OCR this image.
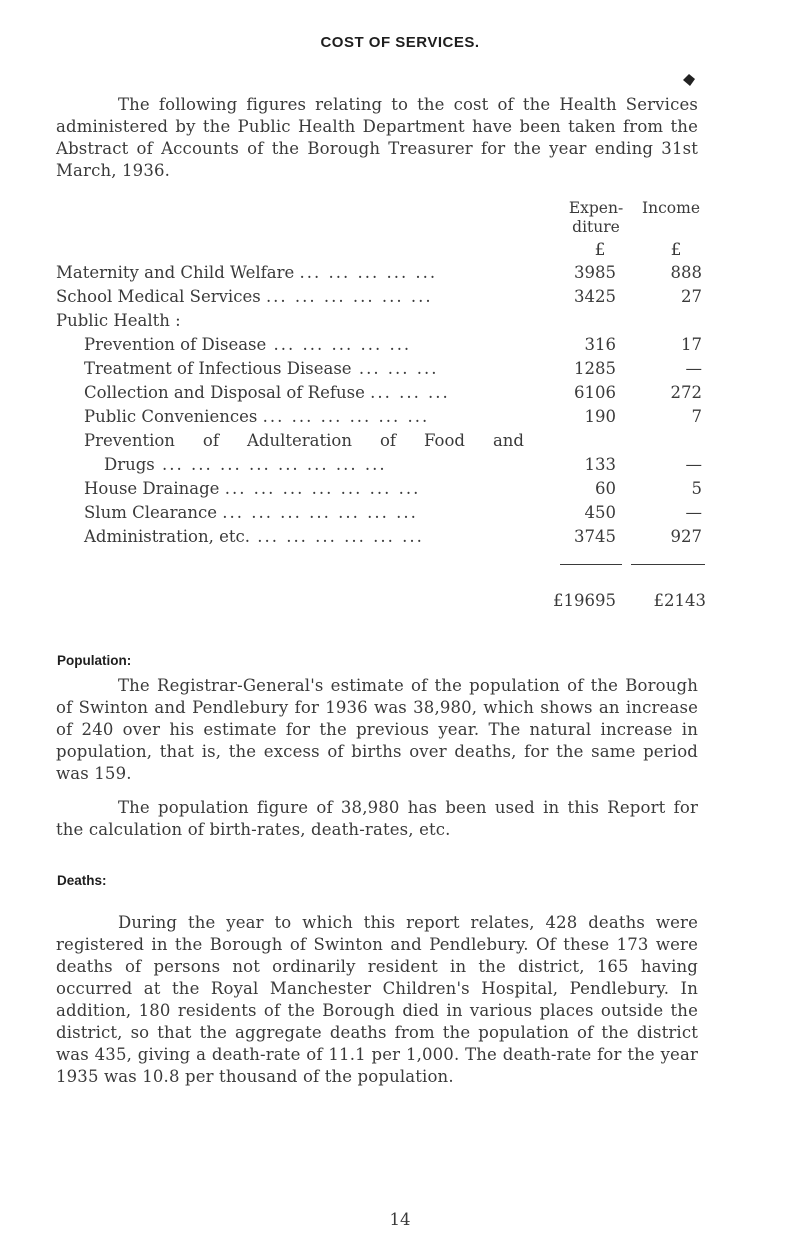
COST OF SERVICES.

The following figures relating to the cost of the Health Services administered by the Public Health Department have been taken from the Abstract of Accounts of the Borough Treasurer for the year ending 31st March, 1936.

Expen- diture
Income
£	£
Maternity and Child Welfare ... ... ... ... ...	3985	888
School Medical Services ... ... ... ... ... ...	3425	27
Public Health :
Prevention of Disease ... ... ... ... ...	316	17
Treatment of Infectious Disease ... ... ...	1285	—
Collection and Disposal of Refuse ... ... ...	6106	272
Public Conveniences ... ... ... ... ... ...	190	7
Prevention of Adulteration of Food and
Drugs ... ... ... ... ... ... ... ...	133	—
House Drainage ... ... ... ... ... ... ...	60	5
Slum Clearance ... ... ... ... ... ... ...	450	—
Administration, etc. ... ... ... ... ... ...	3745	927
£19695	£2143
Population:

The Registrar-General's estimate of the population of the Borough of Swinton and Pendlebury for 1936 was 38,980, which shows an increase of 240 over his estimate for the previous year. The natural increase in population, that is, the excess of births over deaths, for the same period was 159.

The population figure of 38,980 has been used in this Report for the calculation of birth-rates, death-rates, etc.

Deaths:

During the year to which this report relates, 428 deaths were registered in the Borough of Swinton and Pendlebury. Of these 173 were deaths of persons not ordinarily resident in the district, 165 having occurred at the Royal Manchester Children's Hospital, Pendlebury. In addition, 180 residents of the Borough died in various places outside the district, so that the aggregate deaths from the population of the district was 435, giving a death-rate of 11.1 per 1,000. The death-rate for the year 1935 was 10.8 per thousand of the population.

14
